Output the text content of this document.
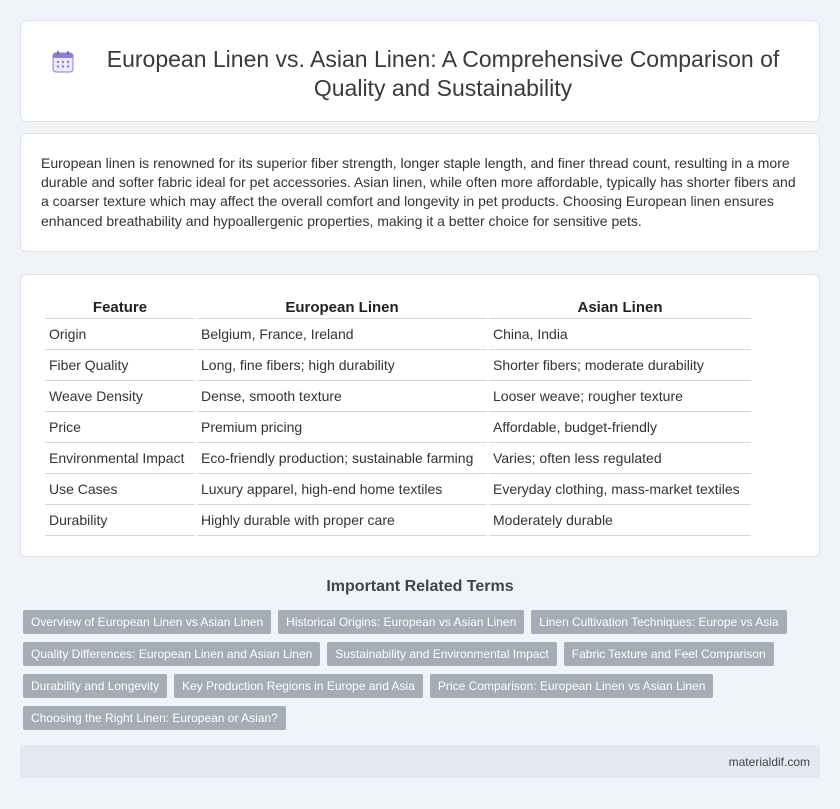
European Linen vs. Asian Linen: A Comprehensive Comparison of Quality and Sustainability

European linen is renowned for its superior fiber strength, longer staple length, and finer thread count, resulting in a more durable and softer fabric ideal for pet accessories. Asian linen, while often more affordable, typically has shorter fibers and a coarser texture which may affect the overall comfort and longevity in pet products. Choosing European linen ensures enhanced breathability and hypoallergenic properties, making it a better choice for sensitive pets.

Feature	European Linen	Asian Linen
Origin	Belgium, France, Ireland	China, India
Fiber Quality	Long, fine fibers; high durability	Shorter fibers; moderate durability
Weave Density	Dense, smooth texture	Looser weave; rougher texture
Price	Premium pricing	Affordable, budget-friendly
Environmental Impact	Eco-friendly production; sustainable farming	Varies; often less regulated
Use Cases	Luxury apparel, high-end home textiles	Everyday clothing, mass-market textiles
Durability	Highly durable with proper care	Moderately durable
Important Related Terms
Overview of European Linen vs Asian Linen	Historical Origins: European vs Asian Linen	Linen Cultivation Techniques: Europe vs Asia
Quality Differences: European Linen and Asian Linen	Sustainability and Environmental Impact	Fabric Texture and Feel Comparison
Durability and Longevity	Key Production Regions in Europe and Asia	Price Comparison: European Linen vs Asian Linen
Choosing the Right Linen: European or Asian?
materialdif.com
